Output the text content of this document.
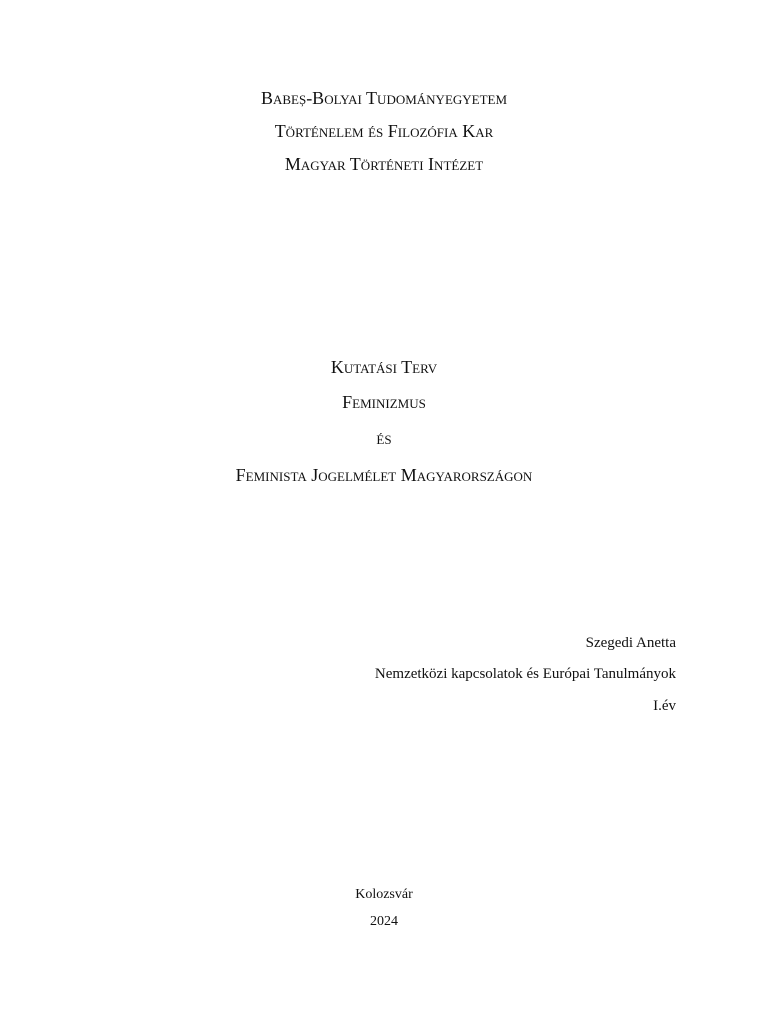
Babeș-Bolyai Tudományegyetem
Történelem és Filozófia Kar
Magyar Történeti Intézet
Kutatási Terv
Feminizmus
és
Feminista Jogelmélet Magyarországon
Szegedi Anetta
Nemzetközi kapcsolatok és Európai Tanulmányok
I.év
Kolozsvár
2024
